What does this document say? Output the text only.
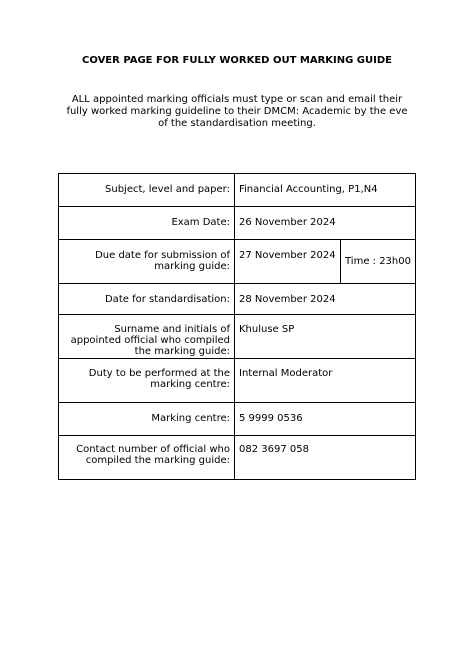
COVER PAGE FOR FULLY WORKED OUT MARKING GUIDE
ALL appointed marking officials must type or scan and email their fully worked marking guideline to their DMCM: Academic by the eve of the standardisation meeting.
Subject, level and paper:	Financial Accounting, P1,N4	
Exam Date:	26 November 2024	
Due date for submission of marking guide:	27 November 2024	Time : 23h00
Date for standardisation:	28 November 2024	
Surname and initials of appointed official who compiled the marking guide:	Khuluse SP	
Duty to be performed at the marking centre:	Internal Moderator	
Marking centre:	5 9999 0536	
Contact number of official who compiled the marking guide:	082 3697 058	
